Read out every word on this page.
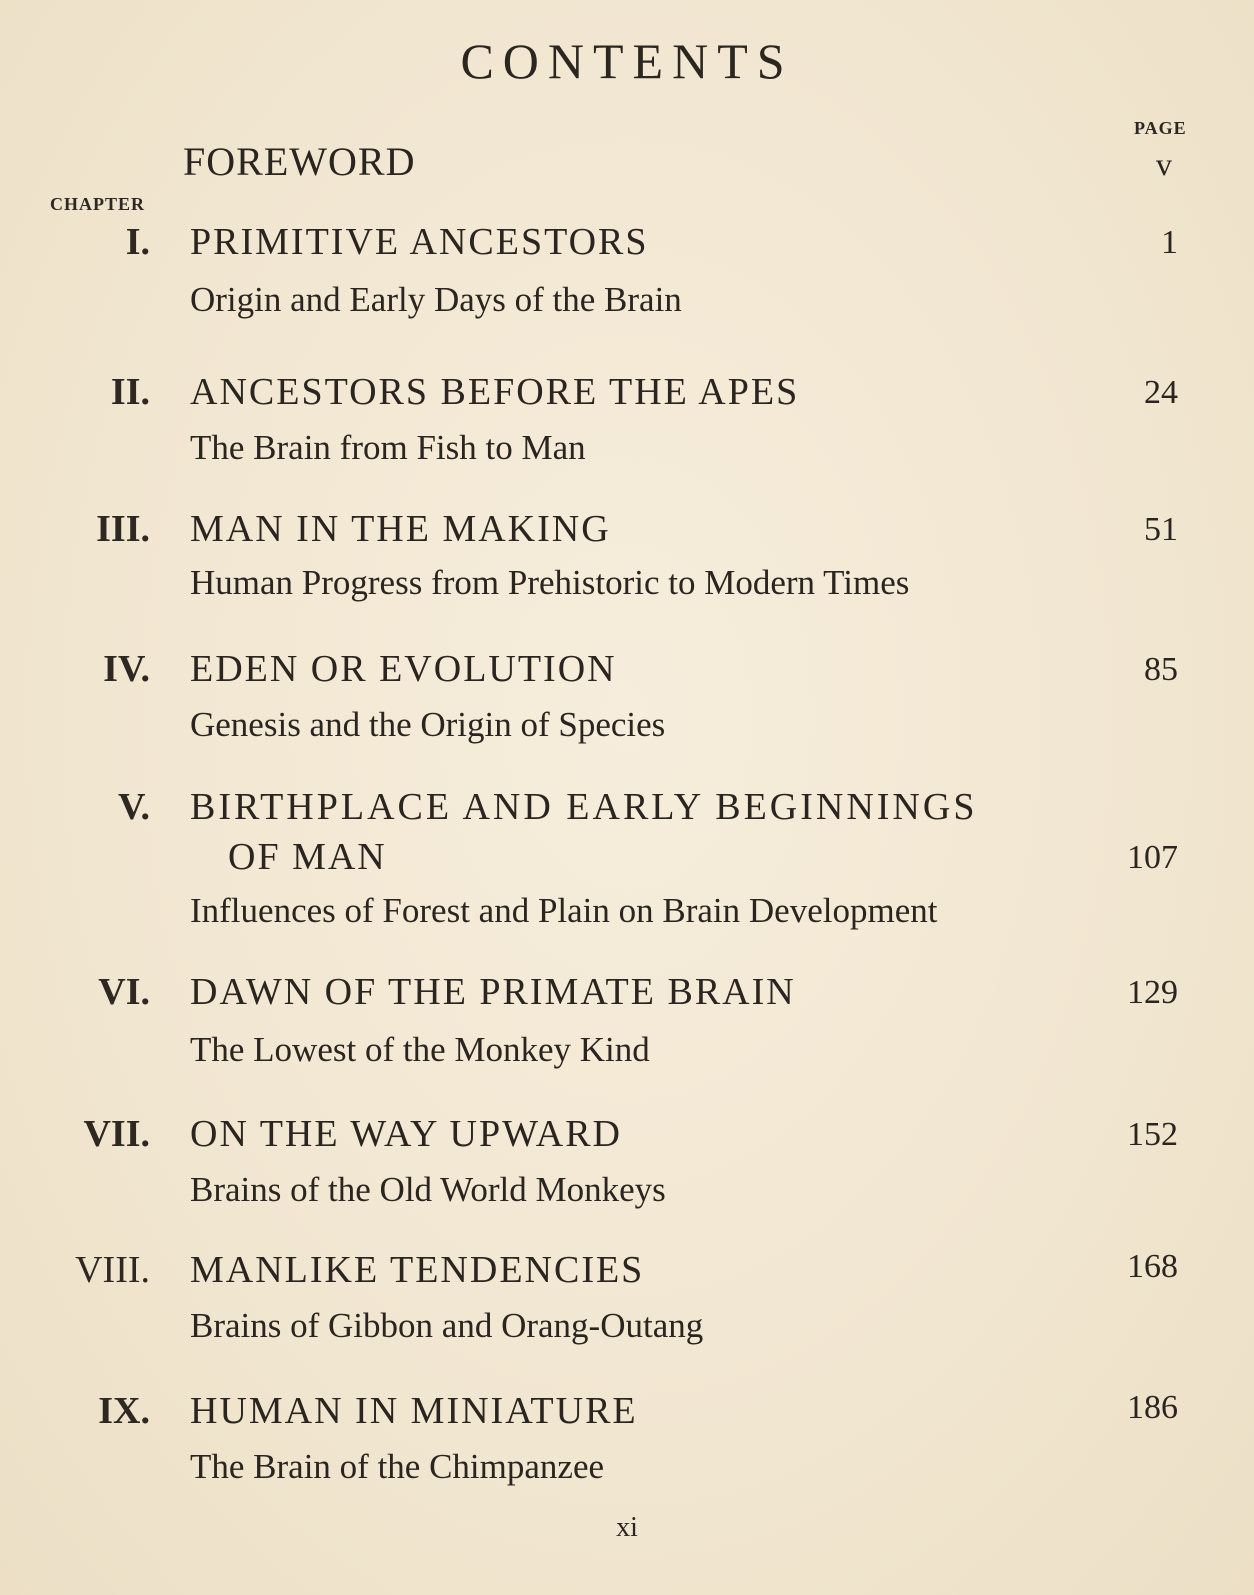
CONTENTS
PAGE
FOREWORD	v
CHAPTER
I. PRIMITIVE ANCESTORS	1
Origin and Early Days of the Brain
II. ANCESTORS BEFORE THE APES	24
The Brain from Fish to Man
III. MAN IN THE MAKING	51
Human Progress from Prehistoric to Modern Times
IV. EDEN OR EVOLUTION	85
Genesis and the Origin of Species
V. BIRTHPLACE AND EARLY BEGINNINGS
OF MAN	107
Influences of Forest and Plain on Brain Development
VI. DAWN OF THE PRIMATE BRAIN	129
The Lowest of the Monkey Kind
VII. ON THE WAY UPWARD	152
Brains of the Old World Monkeys
VIII. MANLIKE TENDENCIES	168
Brains of Gibbon and Orang-Outang
IX. HUMAN IN MINIATURE	186
The Brain of the Chimpanzee
xi
